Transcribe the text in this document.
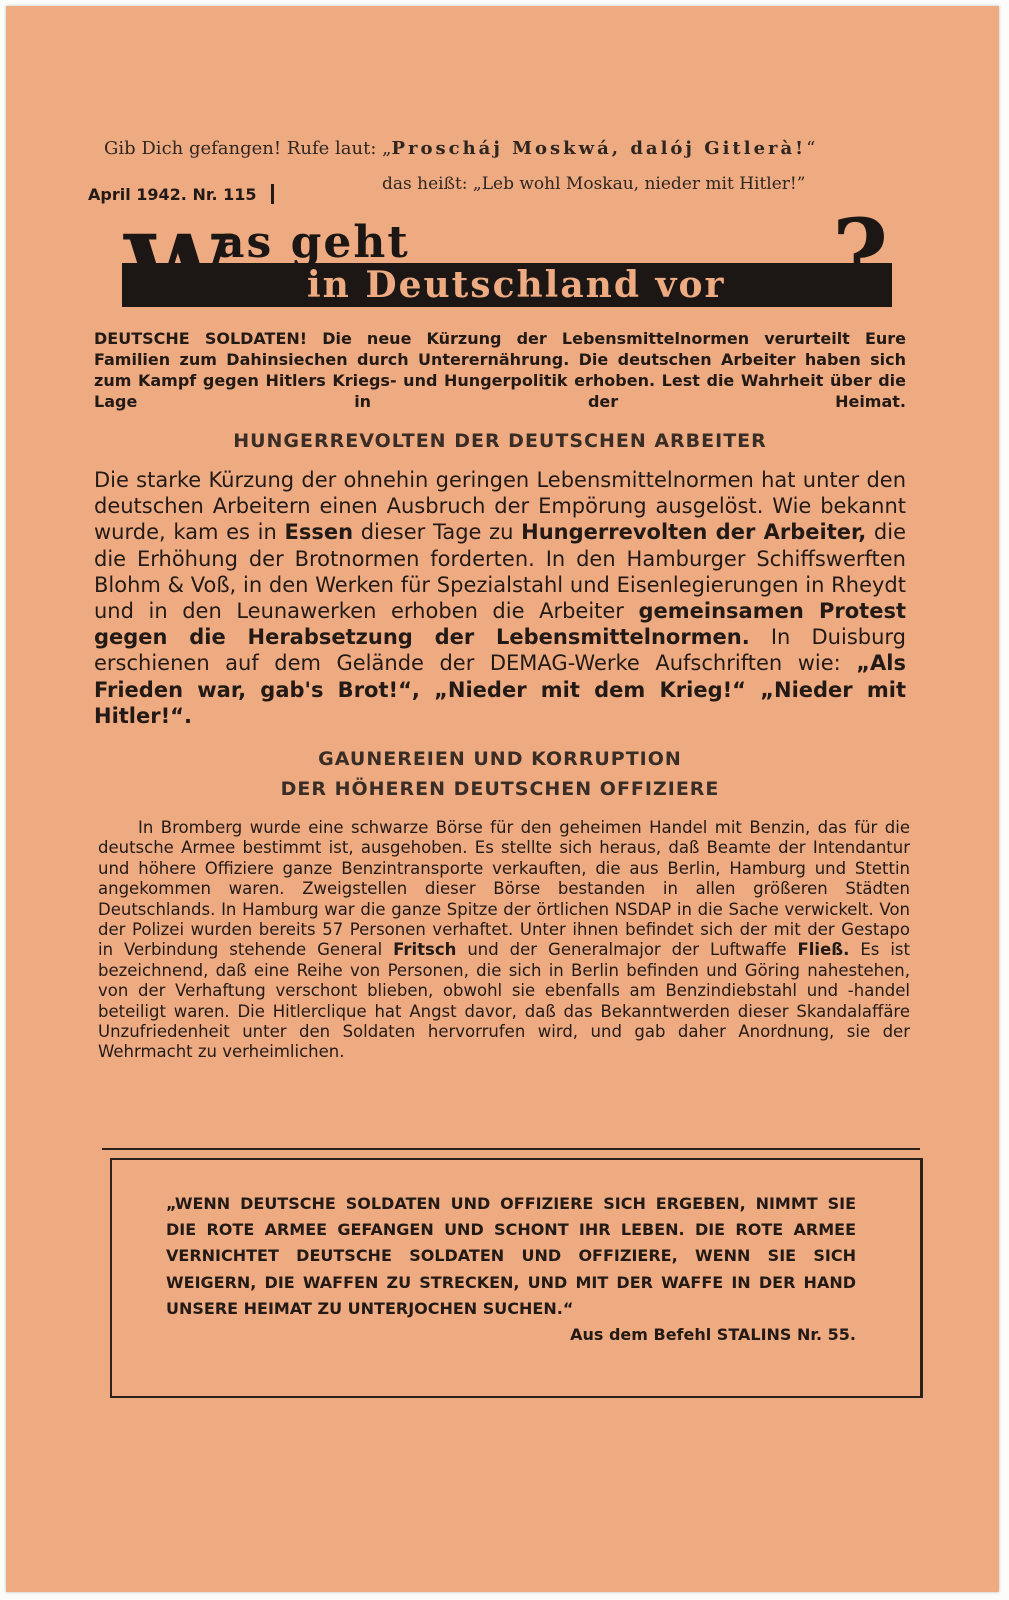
Gib Dich gefangen! Rufe laut: „Proscháj Moskwá, dalój Gitlerà!“
April 1942. Nr. 115
das heißt: „Leb wohl Moskau, nieder mit Hitler!”
W
as geht
in Deutschland vor ?
DEUTSCHE SOLDATEN! Die neue Kürzung der Lebensmittelnormen verurteilt Eure Familien zum Dahinsiechen durch Unterernährung. Die deutschen Arbeiter haben sich zum Kampf gegen Hitlers Kriegs- und Hungerpolitik erhoben. Lest die Wahrheit über die Lage in der Heimat.
HUNGERREVOLTEN DER DEUTSCHEN ARBEITER
Die starke Kürzung der ohnehin geringen Lebensmittelnormen hat unter den deutschen Arbeitern einen Ausbruch der Empörung ausgelöst. Wie bekannt wurde, kam es in Essen dieser Tage zu Hungerrevolten der Arbeiter, die die Erhöhung der Brotnormen forderten. In den Hamburger Schiffswerften Blohm & Voß, in den Werken für Spezialstahl und Eisenlegierungen in Rheydt und in den Leunawerken erhoben die Arbeiter gemeinsamen Protest gegen die Herabsetzung der Lebensmittelnormen. In Duisburg erschienen auf dem Gelände der DEMAG-Werke Aufschriften wie: „Als Frieden war, gab's Brot!“, „Nieder mit dem Krieg!“ „Nieder mit Hitler!“.
GAUNEREIEN UND KORRUPTION
DER HÖHEREN DEUTSCHEN OFFIZIERE
In Bromberg wurde eine schwarze Börse für den geheimen Handel mit Benzin, das für die deutsche Armee bestimmt ist, ausgehoben. Es stellte sich heraus, daß Beamte der Intendantur und höhere Offiziere ganze Benzintransporte verkauften, die aus Berlin, Hamburg und Stettin angekommen waren. Zweigstellen dieser Börse bestanden in allen größeren Städten Deutschlands. In Hamburg war die ganze Spitze der örtlichen NSDAP in die Sache verwickelt. Von der Polizei wurden bereits 57 Personen verhaftet. Unter ihnen befindet sich der mit der Gestapo in Verbindung stehende General Fritsch und der Generalmajor der Luftwaffe Fließ. Es ist bezeichnend, daß eine Reihe von Personen, die sich in Berlin befinden und Göring nahestehen, von der Verhaftung verschont blieben, obwohl sie ebenfalls am Benzindiebstahl und -handel beteiligt waren. Die Hitlerclique hat Angst davor, daß das Bekanntwerden dieser Skandalaffäre Unzufriedenheit unter den Soldaten hervorrufen wird, und gab daher Anordnung, sie der Wehrmacht zu verheimlichen.
„WENN DEUTSCHE SOLDATEN UND OFFIZIERE SICH ERGEBEN, NIMMT SIE DIE ROTE ARMEE GEFANGEN UND SCHONT IHR LEBEN. DIE ROTE ARMEE VERNICHTET DEUTSCHE SOLDATEN UND OFFIZIERE, WENN SIE SICH WEIGERN, DIE WAFFEN ZU STRECKEN, UND MIT DER WAFFE IN DER HAND UNSERE HEIMAT ZU UNTERJOCHEN SUCHEN.“
Aus dem Befehl STALINS Nr. 55.
